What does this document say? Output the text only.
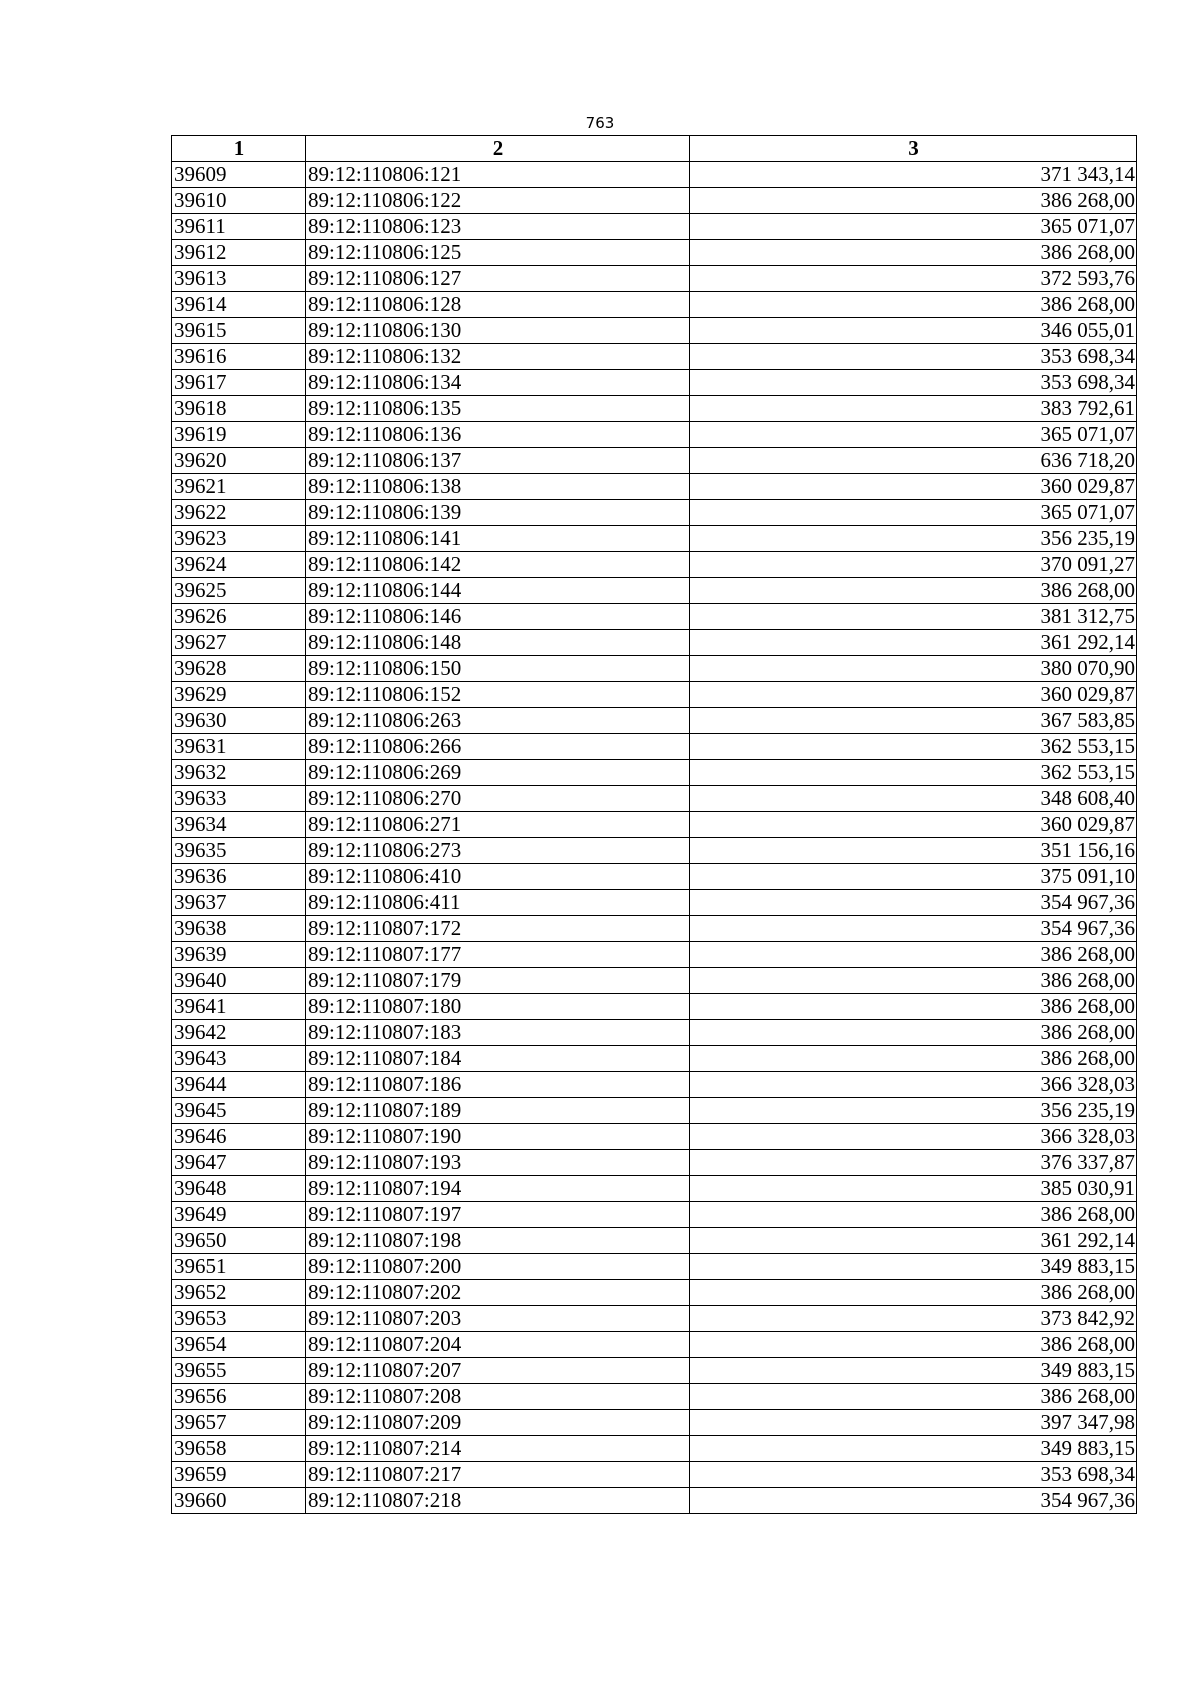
763
1	2	3
39609	89:12:110806:121	371 343,14
39610	89:12:110806:122	386 268,00
39611	89:12:110806:123	365 071,07
39612	89:12:110806:125	386 268,00
39613	89:12:110806:127	372 593,76
39614	89:12:110806:128	386 268,00
39615	89:12:110806:130	346 055,01
39616	89:12:110806:132	353 698,34
39617	89:12:110806:134	353 698,34
39618	89:12:110806:135	383 792,61
39619	89:12:110806:136	365 071,07
39620	89:12:110806:137	636 718,20
39621	89:12:110806:138	360 029,87
39622	89:12:110806:139	365 071,07
39623	89:12:110806:141	356 235,19
39624	89:12:110806:142	370 091,27
39625	89:12:110806:144	386 268,00
39626	89:12:110806:146	381 312,75
39627	89:12:110806:148	361 292,14
39628	89:12:110806:150	380 070,90
39629	89:12:110806:152	360 029,87
39630	89:12:110806:263	367 583,85
39631	89:12:110806:266	362 553,15
39632	89:12:110806:269	362 553,15
39633	89:12:110806:270	348 608,40
39634	89:12:110806:271	360 029,87
39635	89:12:110806:273	351 156,16
39636	89:12:110806:410	375 091,10
39637	89:12:110806:411	354 967,36
39638	89:12:110807:172	354 967,36
39639	89:12:110807:177	386 268,00
39640	89:12:110807:179	386 268,00
39641	89:12:110807:180	386 268,00
39642	89:12:110807:183	386 268,00
39643	89:12:110807:184	386 268,00
39644	89:12:110807:186	366 328,03
39645	89:12:110807:189	356 235,19
39646	89:12:110807:190	366 328,03
39647	89:12:110807:193	376 337,87
39648	89:12:110807:194	385 030,91
39649	89:12:110807:197	386 268,00
39650	89:12:110807:198	361 292,14
39651	89:12:110807:200	349 883,15
39652	89:12:110807:202	386 268,00
39653	89:12:110807:203	373 842,92
39654	89:12:110807:204	386 268,00
39655	89:12:110807:207	349 883,15
39656	89:12:110807:208	386 268,00
39657	89:12:110807:209	397 347,98
39658	89:12:110807:214	349 883,15
39659	89:12:110807:217	353 698,34
39660	89:12:110807:218	354 967,36
